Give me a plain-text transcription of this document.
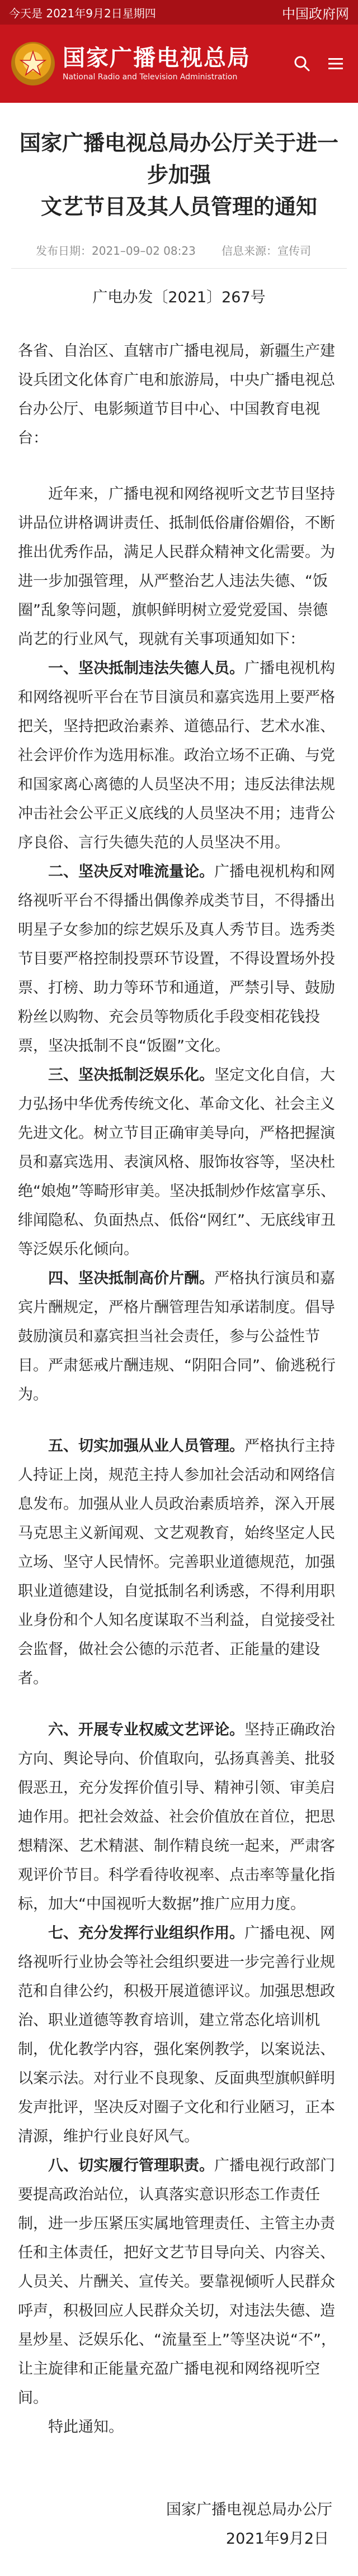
今天是 2021年9月2日星期四	中国政府网
国家广播电视总局
National Radio and Television Administration
国家广播电视总局办公厅关于进一
步加强
文艺节目及其人员管理的通知
发布日期：2021–09–02 08:23 信息来源：宣传司
广电办发〔2021〕267号

各省、自治区、直辖市广播电视局，新疆生产建设兵团文化体育广电和旅游局，中央广播电视总台办公厅、电影频道节目中心、中国教育电视台：

近年来，广播电视和网络视听文艺节目坚持讲品位讲格调讲责任、抵制低俗庸俗媚俗，不断推出优秀作品，满足人民群众精神文化需要。为进一步加强管理，从严整治艺人违法失德、“饭圈”乱象等问题，旗帜鲜明树立爱党爱国、崇德尚艺的行业风气，现就有关事项通知如下：

一、坚决抵制违法失德人员。广播电视机构和网络视听平台在节目演员和嘉宾选用上要严格把关，坚持把政治素养、道德品行、艺术水准、社会评价作为选用标准。政治立场不正确、与党和国家离心离德的人员坚决不用；违反法律法规冲击社会公平正义底线的人员坚决不用；违背公序良俗、言行失德失范的人员坚决不用。

二、坚决反对唯流量论。广播电视机构和网络视听平台不得播出偶像养成类节目，不得播出明星子女参加的综艺娱乐及真人秀节目。选秀类节目要严格控制投票环节设置，不得设置场外投票、打榜、助力等环节和通道，严禁引导、鼓励粉丝以购物、充会员等物质化手段变相花钱投票，坚决抵制不良“饭圈”文化。

三、坚决抵制泛娱乐化。坚定文化自信，大力弘扬中华优秀传统文化、革命文化、社会主义先进文化。树立节目正确审美导向，严格把握演员和嘉宾选用、表演风格、服饰妆容等，坚决杜绝“娘炮”等畸形审美。坚决抵制炒作炫富享乐、绯闻隐私、负面热点、低俗“网红”、无底线审丑等泛娱乐化倾向。

四、坚决抵制高价片酬。严格执行演员和嘉宾片酬规定，严格片酬管理告知承诺制度。倡导鼓励演员和嘉宾担当社会责任，参与公益性节目。严肃惩戒片酬违规、“阴阳合同”、偷逃税行为。

五、切实加强从业人员管理。严格执行主持人持证上岗，规范主持人参加社会活动和网络信息发布。加强从业人员政治素质培养，深入开展马克思主义新闻观、文艺观教育，始终坚定人民立场、坚守人民情怀。完善职业道德规范，加强职业道德建设，自觉抵制名利诱惑，不得利用职业身份和个人知名度谋取不当利益，自觉接受社会监督，做社会公德的示范者、正能量的建设者。

六、开展专业权威文艺评论。坚持正确政治方向、舆论导向、价值取向，弘扬真善美、批驳假恶丑，充分发挥价值引导、精神引领、审美启迪作用。把社会效益、社会价值放在首位，把思想精深、艺术精湛、制作精良统一起来，严肃客观评价节目。科学看待收视率、点击率等量化指标，加大“中国视听大数据”推广应用力度。

七、充分发挥行业组织作用。广播电视、网络视听行业协会等社会组织要进一步完善行业规范和自律公约，积极开展道德评议。加强思想政治、职业道德等教育培训，建立常态化培训机制，优化教学内容，强化案例教学，以案说法、以案示法。对行业不良现象、反面典型旗帜鲜明发声批评，坚决反对圈子文化和行业陋习，正本清源，维护行业良好风气。

八、切实履行管理职责。广播电视行政部门要提高政治站位，认真落实意识形态工作责任制，进一步压紧压实属地管理责任、主管主办责任和主体责任，把好文艺节目导向关、内容关、人员关、片酬关、宣传关。要靠视倾听人民群众呼声，积极回应人民群众关切，对违法失德、造星炒星、泛娱乐化、“流量至上”等坚决说“不”，让主旋律和正能量充盈广播电视和网络视听空间。

特此通知。

国家广播电视总局办公厅

2021年9月2日
